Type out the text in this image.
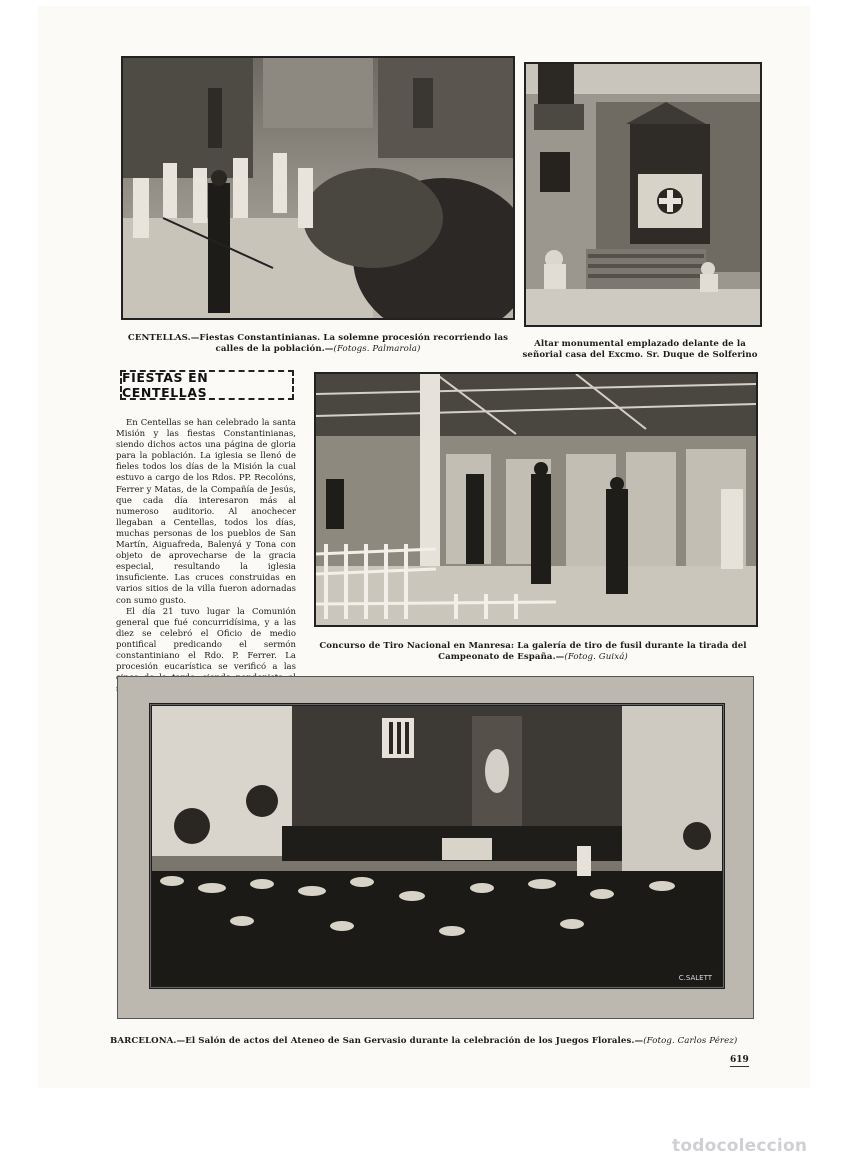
CENTELLAS.—Fiestas Constantinianas. La solemne procesión recorriendo las calles de la población.—(Fotogs. Palmarola)	Altar monumental emplazado delante de la señorial casa del Excmo. Sr. Duque de Solferino
FIESTAS EN CENTELLAS

En Centellas se han celebrado la santa Misión y las fiestas Constantinianas, siendo dichos actos una página de gloria para la población. La iglesia se llenó de fieles todos los días de la Misión la cual estuvo a cargo de los Rdos. PP. Recolóns, Ferrer y Matas, de la Compañía de Jesús, que cada día interesaron más al numeroso auditorio. Al anochecer llegaban a Centellas, todos los días, muchas personas de los pueblos de San Martín, Aiguafreda, Balenyá y Tona con objeto de aprovecharse de la gracia especial, resultando la iglesia insuficiente. Las cruces construidas en varios sitios de la villa fueron adornadas con sumo gusto.

El día 21 tuvo lugar la Comunión general que fué concurridísima, y a las diez se celebró el Oficio de medio pontifical predicando el sermón constantiniano el Rdo. P. Ferrer. La procesión eucarística se verificó a las

Concurso de Tiro Nacional en Manresa: La galería de tiro de fusil durante la tirada del Campeonato de España.—(Fotog. Guixá)
C.SALETT
BARCELONA.—El Salón de actos del Ateneo de San Gervasio durante la celebración de los Juegos Florales.—(Fotog. Carlos Pérez)
619
todocoleccion
